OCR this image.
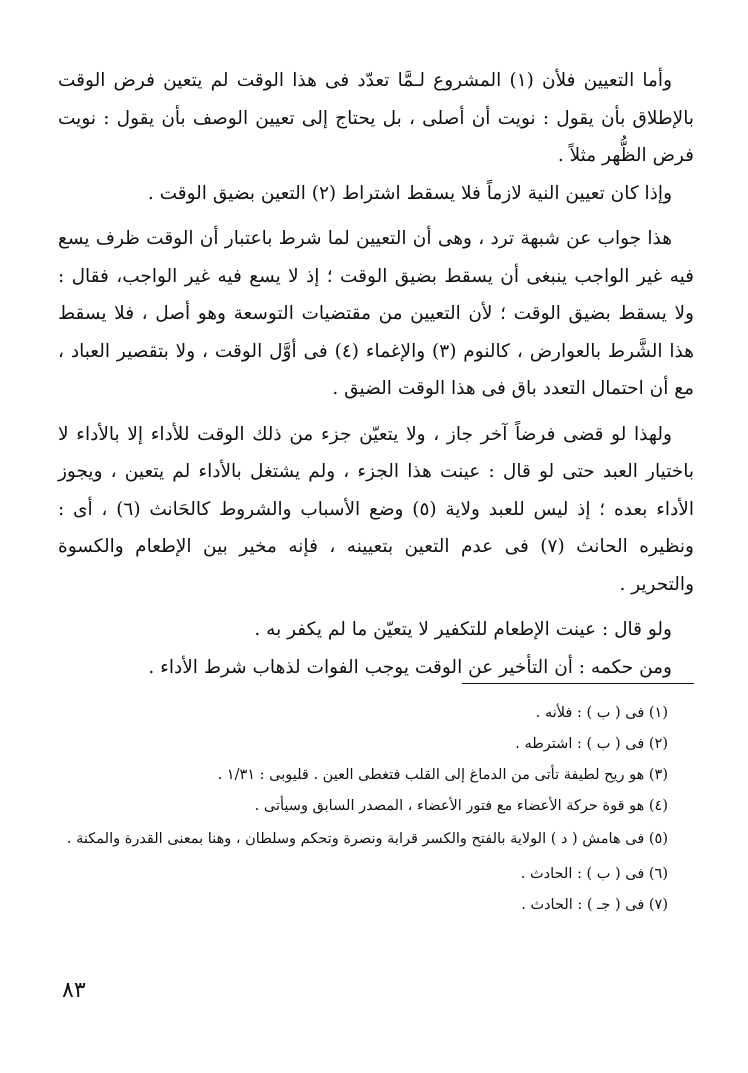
وأما التعيين فلأن (١) المشروع لـمَّا تعدّد فى هذا الوقت لم يتعين فرض الوقت بالإطلاق بأن يقول : نويت أن أصلى ، بل يحتاج إلى تعيين الوصف بأن يقول : نويت فرض الظُّهر مثلاً .

وإذا كان تعيين النية لازماً فلا يسقط اشتراط (٢) التعين بضيق الوقت .

هذا جواب عن شبهة ترد ، وهى أن التعيين لما شرط باعتبار أن الوقت ظرف يسع فيه غير الواجب ينبغى أن يسقط بضيق الوقت ؛ إذ لا يسع فيه غير الواجب، فقال : ولا يسقط بضيق الوقت ؛ لأن التعيين من مقتضيات التوسعة وهو أصل ، فلا يسقط هذا الشَّرط بالعوارض ، كالنوم (٣) والإغماء (٤) فى أوَّل الوقت ، ولا بتقصير العباد ، مع أن احتمال التعدد باق فى هذا الوقت الضيق .

ولهذا لو قضى فرضاً آخر جاز ، ولا يتعيّن جزء من ذلك الوقت للأداء إلا بالأداء لا باختيار العبد حتى لو قال : عينت هذا الجزء ، ولم يشتغل بالأداء لم يتعين ، ويجوز الأداء بعده ؛ إذ ليس للعبد ولاية (٥) وضع الأسباب والشروط كالحَانث (٦) ، أى : ونظيره الحانث (٧) فى عدم التعين بتعيينه ، فإنه مخير بين الإطعام والكسوة والتحرير .

ولو قال : عينت الإطعام للتكفير لا يتعيّن ما لم يكفر به .

ومن حكمه : أن التأخير عن الوقت يوجب الفوات لذهاب شرط الأداء .

(١) فى ( ب ) : فلأنه .

(٢) فى ( ب ) : اشترطه .

(٣) هو ريح لطيفة تأتى من الدماغ إلى القلب فتغطى العين . قليوبى : ١/٣١ .

(٤) هو قوة حركة الأعضاء مع فتور الأعضاء ، المصدر السابق وسيأتى .

(٥) فى هامش ( د ) الولاية بالفتح والكسر قرابة ونصرة وتحكم وسلطان ، وهنا بمعنى القدرة والمكنة .

(٦) فى ( ب ) : الحادث .

(٧) فى ( جـ ) : الحادث .

٨٣
